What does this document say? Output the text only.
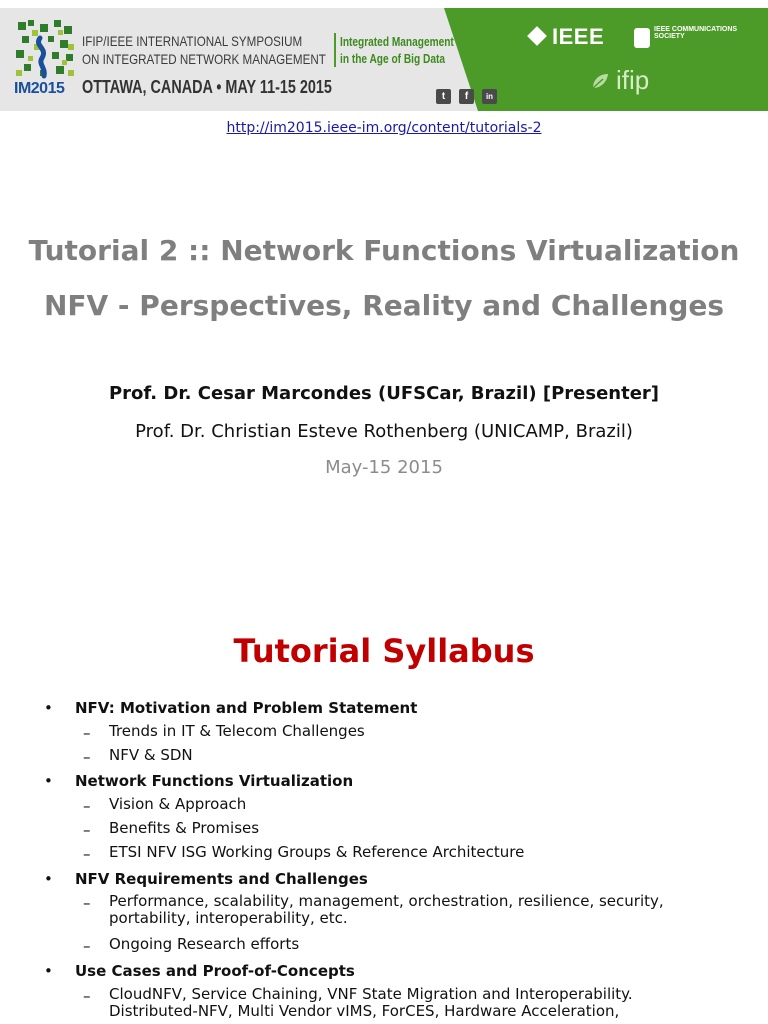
IM2015
IFIP/IEEE INTERNATIONAL SYMPOSIUM
ON INTEGRATED NETWORK MANAGEMENT
OTTAWA, CANADA • MAY 11-15 2015
Integrated Management
in the Age of Big Data
t	f	in
IEEE	IEEE COMMUNICATIONS SOCIETY
ifip
http://im2015.ieee-im.org/content/tutorials-2
Tutorial 2 :: Network Functions Virtualization
NFV - Perspectives, Reality and Challenges
Prof. Dr. Cesar Marcondes (UFSCar, Brazil) [Presenter]
Prof. Dr. Christian Esteve Rothenberg (UNICAMP, Brazil)
May-15 2015
Tutorial Syllabus
• NFV: Motivation and Problem Statement
– Trends in IT & Telecom Challenges
– NFV & SDN
• Network Functions Virtualization
– Vision & Approach
– Benefits & Promises
– ETSI NFV ISG Working Groups & Reference Architecture
• NFV Requirements and Challenges
– Performance, scalability, management, orchestration, resilience, security, portability, interoperability, etc.
– Ongoing Research efforts
• Use Cases and Proof-of-Concepts
– CloudNFV, Service Chaining, VNF State Migration and Interoperability. Distributed-NFV, Multi Vendor vIMS, ForCES, Hardware Acceleration,
